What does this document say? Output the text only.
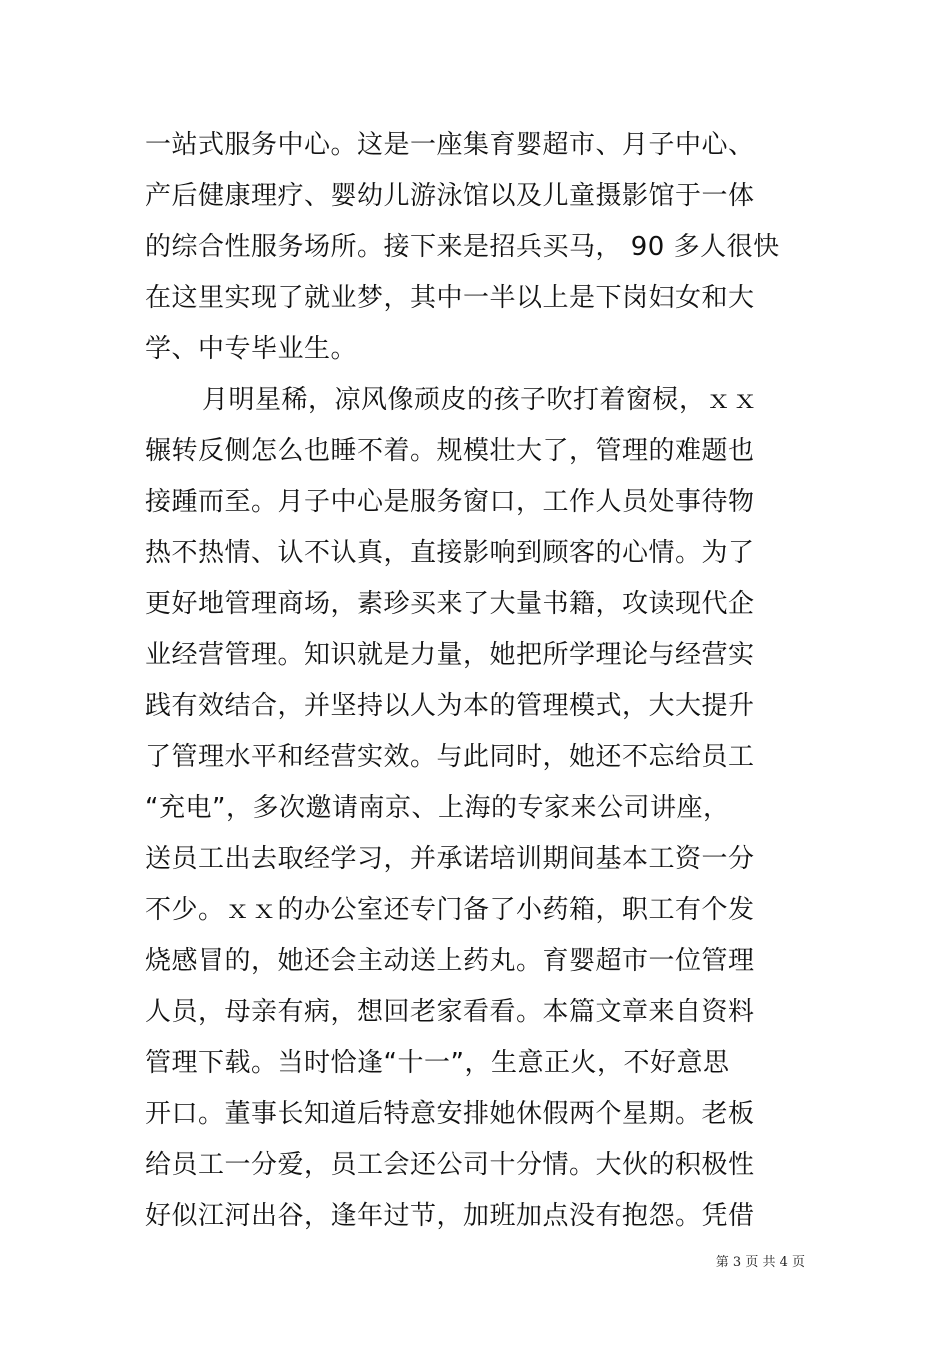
一站式服务中心。这是一座集育婴超市、月子中心、
产后健康理疗、婴幼儿游泳馆以及儿童摄影馆于一体
的综合性服务场所。接下来是招兵买马， 90 多人很快
在这里实现了就业梦，其中一半以上是下岗妇女和大
学、中专毕业生。
月明星稀，凉风像顽皮的孩子吹打着窗棂，ｘｘ
辗转反侧怎么也睡不着。规模壮大了，管理的难题也
接踵而至。月子中心是服务窗口，工作人员处事待物
热不热情、认不认真，直接影响到顾客的心情。为了
更好地管理商场，素珍买来了大量书籍，攻读现代企
业经营管理。知识就是力量，她把所学理论与经营实
践有效结合，并坚持以人为本的管理模式，大大提升
了管理水平和经营实效。与此同时，她还不忘给员工
“充电”，多次邀请南京、上海的专家来公司讲座，
送员工出去取经学习，并承诺培训期间基本工资一分
不少。ｘｘ的办公室还专门备了小药箱，职工有个发
烧感冒的，她还会主动送上药丸。育婴超市一位管理
人员，母亲有病，想回老家看看。本篇文章来自资料
管理下载。当时恰逢“十一”，生意正火，不好意思
开口。董事长知道后特意安排她休假两个星期。老板
给员工一分爱，员工会还公司十分情。大伙的积极性
好似江河出谷，逢年过节，加班加点没有抱怨。凭借
第 3 页 共 4 页
